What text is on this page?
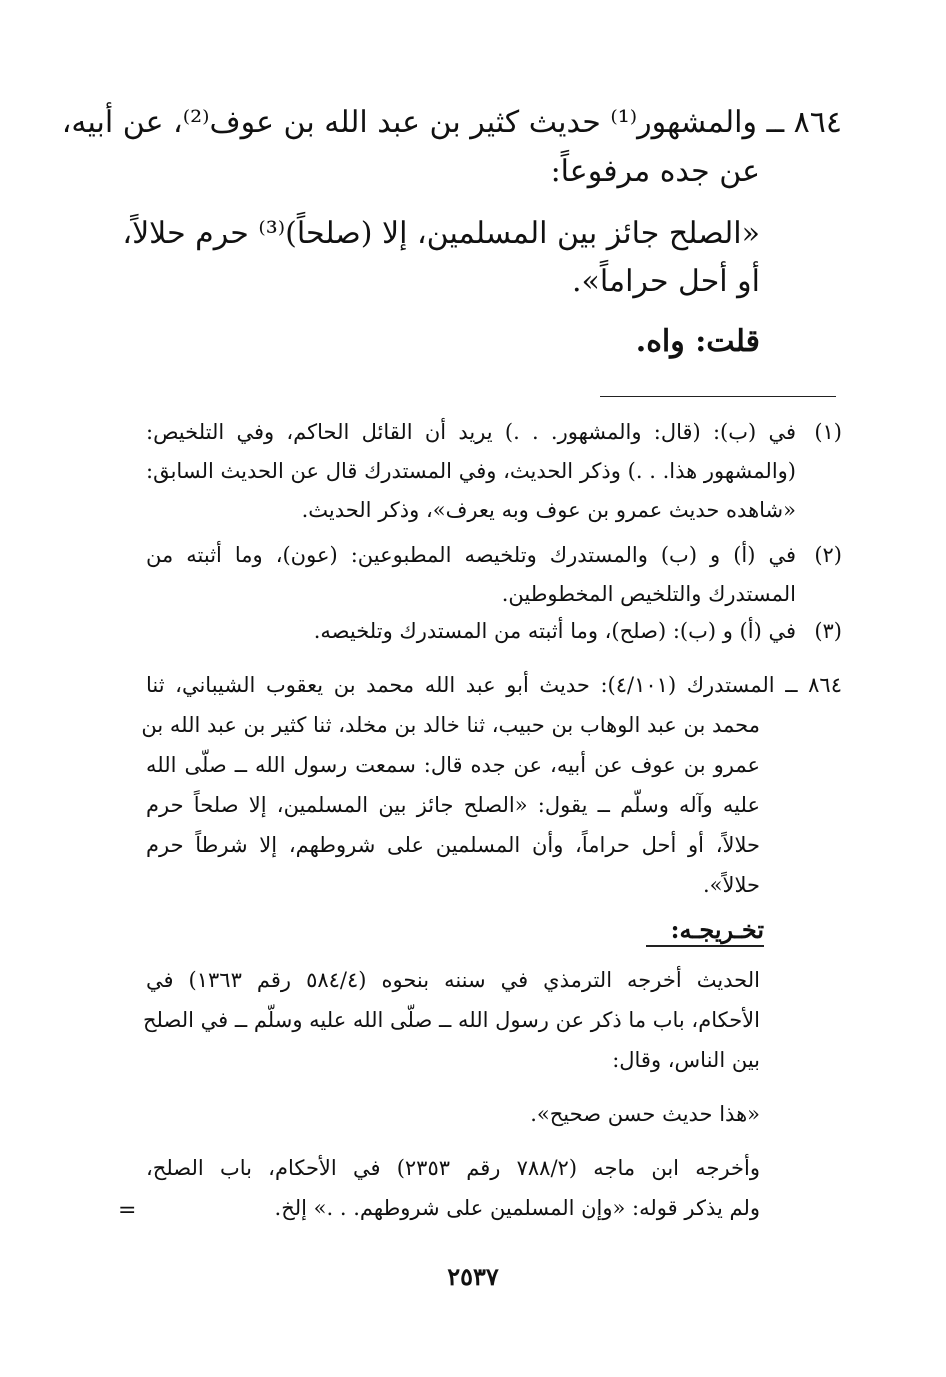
٨٦٤ ــ والمشهور⁽¹⁾ حديث كثير بن عبد الله بن عوف⁽²⁾، عن أبيه،
عن جده مرفوعاً:
«الصلح جائز بين المسلمين، إلا (صلحاً)⁽³⁾ حرم حلالاً،
أو أحل حراماً».
قلت: واه.
(١)
في (ب): (قال: والمشهور. . .) يريد أن القائل الحاكم، وفي التلخيص:
(والمشهور هذا. . .) وذكر الحديث، وفي المستدرك قال عن الحديث السابق:
«شاهده حديث عمرو بن عوف وبه يعرف»، وذكر الحديث.
(٢)
في (أ) و (ب) والمستدرك وتلخيصه المطبوعين: (عون)، وما أثبته من
المستدرك والتلخيص المخطوطين.
(٣)
في (أ) و (ب): (صلح)، وما أثبته من المستدرك وتلخيصه.
٨٦٤ ــ المستدرك (٤/١٠١): حديث أبو عبد الله محمد بن يعقوب الشيباني، ثنا
محمد بن عبد الوهاب بن حبيب، ثنا خالد بن مخلد، ثنا كثير بن عبد الله بن
عمرو بن عوف عن أبيه، عن جده قال: سمعت رسول الله ــ صلّى الله
عليه وآله وسلّم ــ يقول: «الصلح جائز بين المسلمين، إلا صلحاً حرم
حلالاً، أو أحل حراماً، وأن المسلمين على شروطهم، إلا شرطاً حرم
حلالاً».
تخـريجـه:
الحديث أخرجه الترمذي في سننه بنحوه (٥٨٤/٤ رقم ١٣٦٣) في
الأحكام، باب ما ذكر عن رسول الله ــ صلّى الله عليه وسلّم ــ في الصلح
بين الناس، وقال:
«هذا حديث حسن صحيح».
وأخرجه ابن ماجه (٧٨٨/٢ رقم ٢٣٥٣) في الأحكام، باب الصلح،
ولم يذكر قوله: «وإن المسلمين على شروطهم. . .» إلخ.
=
٢٥٣٧
